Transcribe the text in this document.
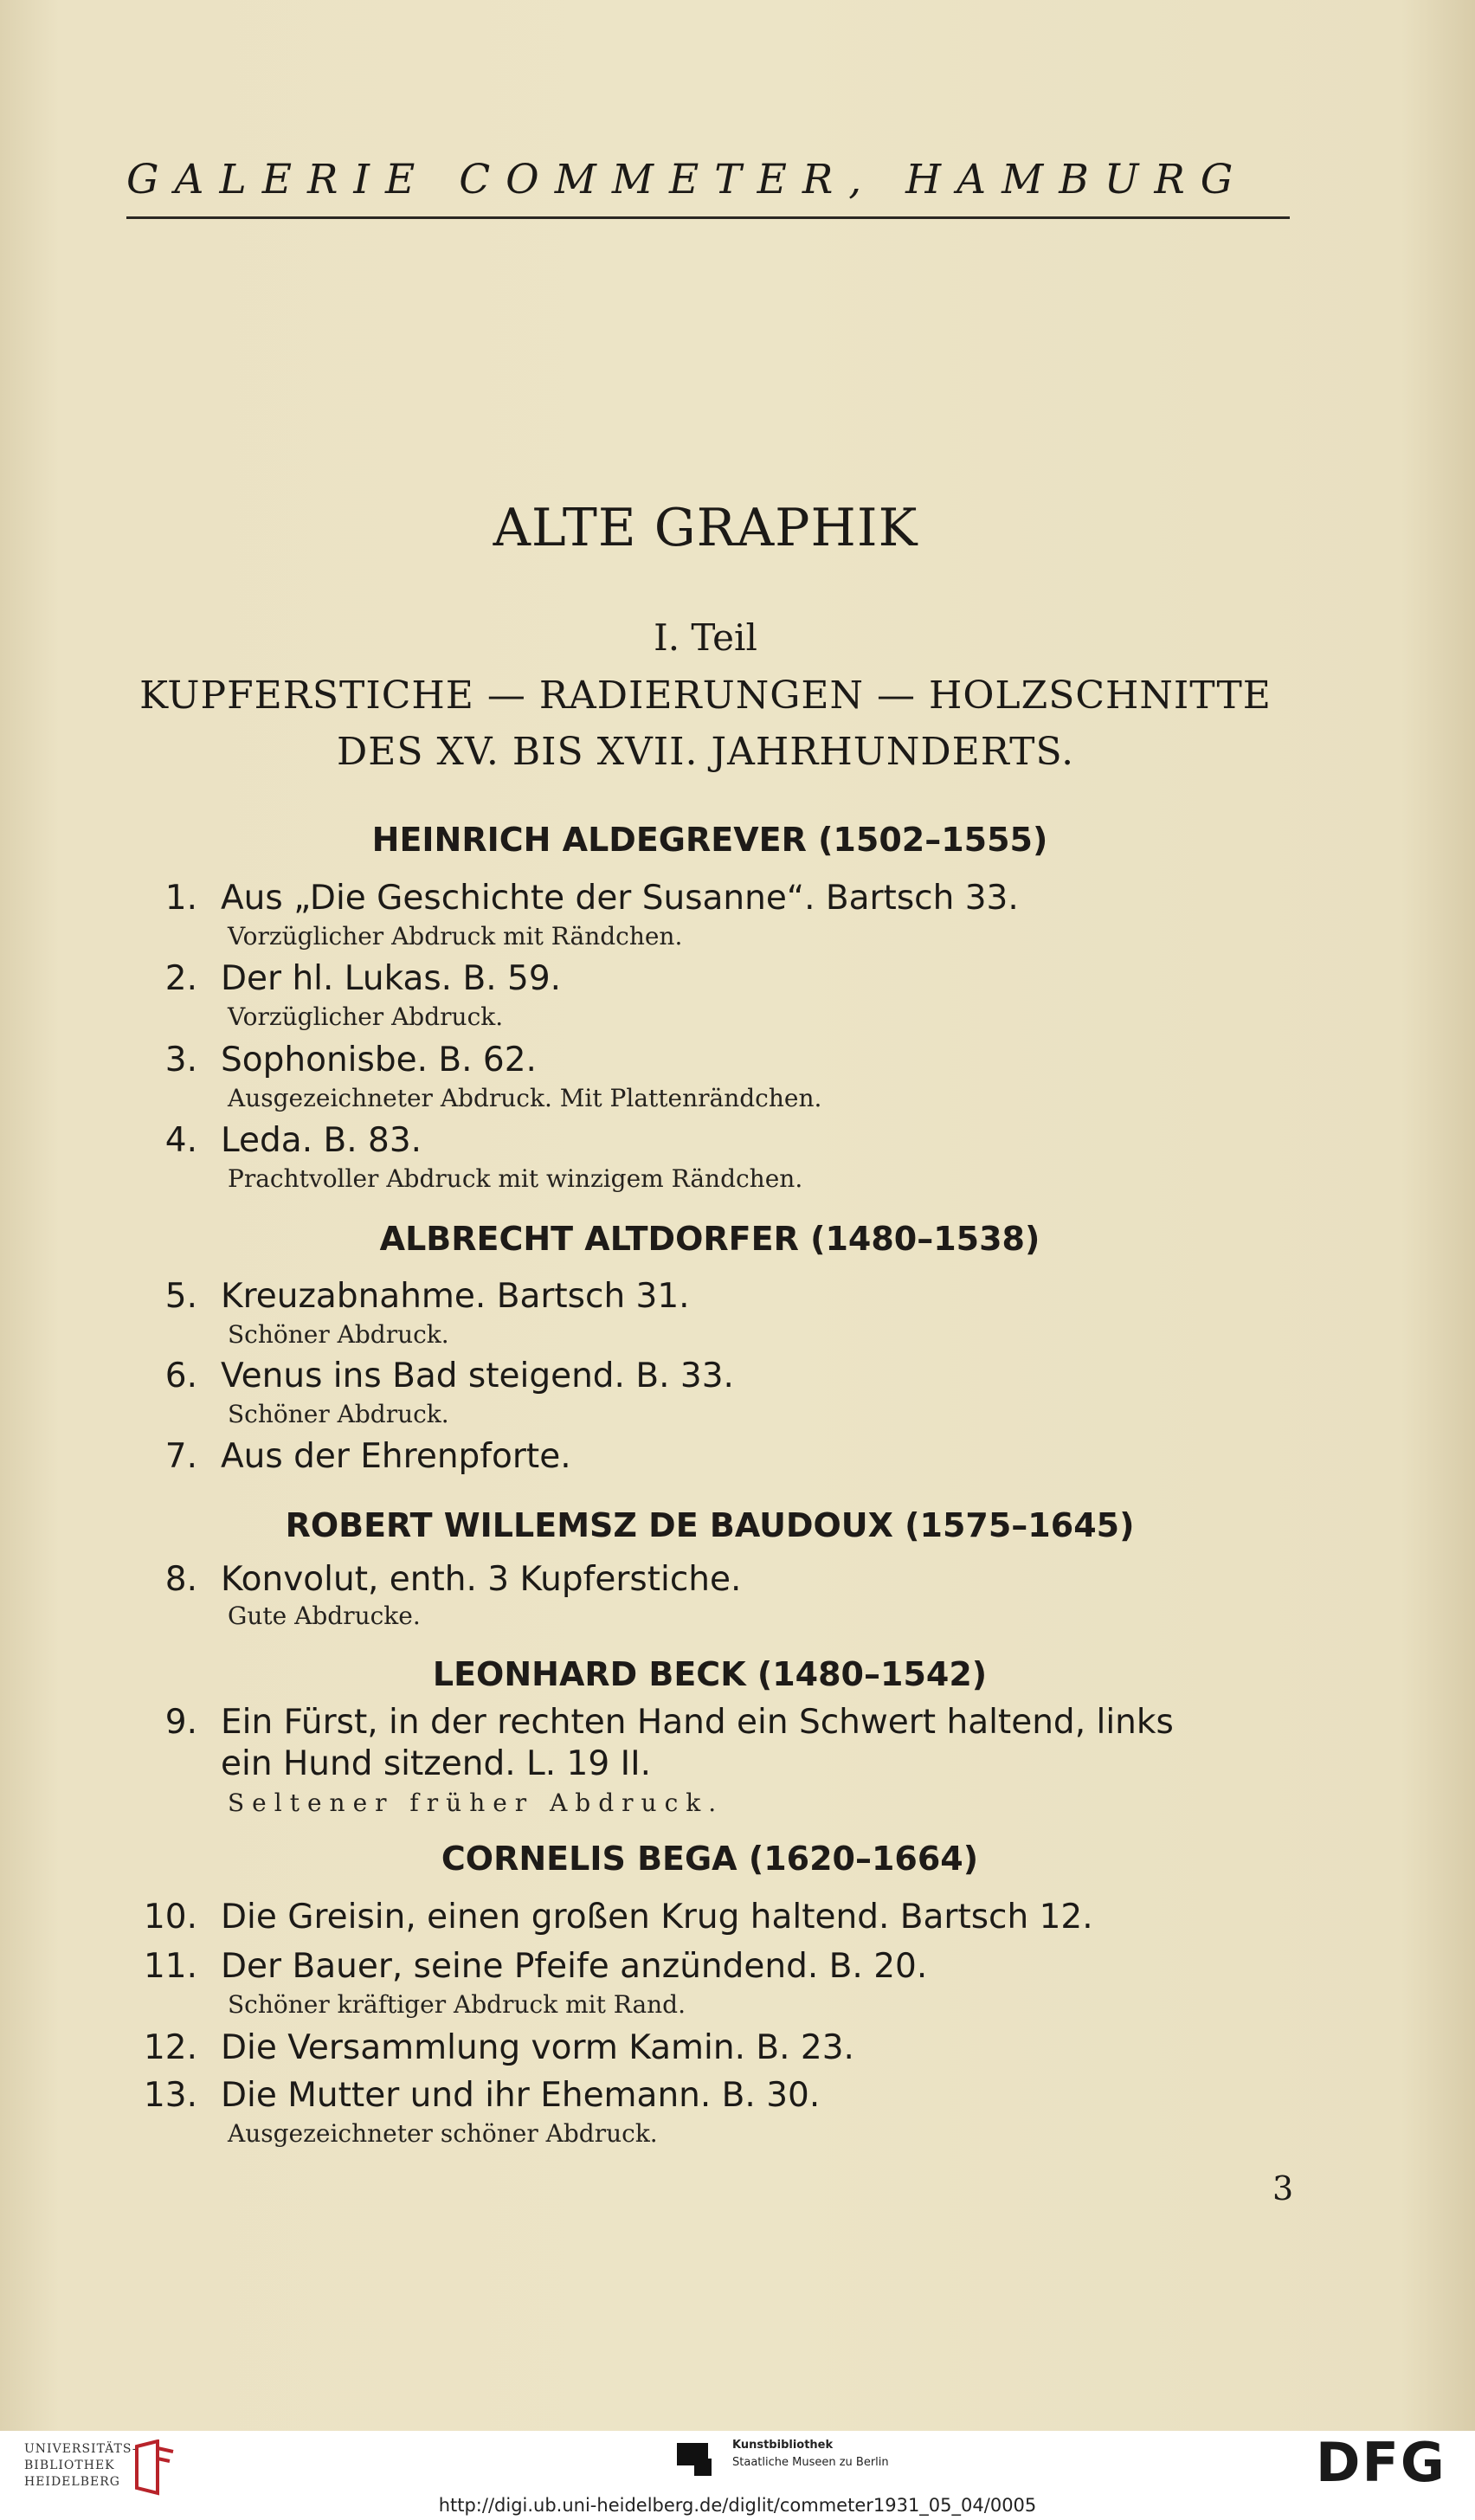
GALERIE COMMETER, HAMBURG
ALTE GRAPHIK
I. Teil
KUPFERSTICHE — RADIERUNGEN — HOLZSCHNITTE
DES XV. BIS XVII. JAHRHUNDERTS.
HEINRICH ALDEGREVER (1502–1555)
ALBRECHT ALTDORFER (1480–1538)
ROBERT WILLEMSZ DE BAUDOUX (1575–1645)
LEONHARD BECK (1480–1542)
CORNELIS BEGA (1620–1664)
1. Aus „Die Geschichte der Susanne“. Bartsch 33.
Vorzüglicher Abdruck mit Rändchen.
2. Der hl. Lukas. B. 59.
Vorzüglicher Abdruck.
3. Sophonisbe. B. 62.
Ausgezeichneter Abdruck. Mit Plattenrändchen.
4. Leda. B. 83.
Prachtvoller Abdruck mit winzigem Rändchen.
5. Kreuzabnahme. Bartsch 31.
Schöner Abdruck.
6. Venus ins Bad steigend. B. 33.
Schöner Abdruck.
7. Aus der Ehrenpforte.
8. Konvolut, enth. 3 Kupferstiche.
Gute Abdrucke.
9. Ein Fürst, in der rechten Hand ein Schwert haltend, links
ein Hund sitzend. L. 19 II.
Seltener früher Abdruck.
10. Die Greisin, einen großen Krug haltend. Bartsch 12.
11. Der Bauer, seine Pfeife anzündend. B. 20.
Schöner kräftiger Abdruck mit Rand.
12. Die Versammlung vorm Kamin. B. 23.
13. Die Mutter und ihr Ehemann. B. 30.
Ausgezeichneter schöner Abdruck.
3
UNIVERSITÄTS-
BIBLIOTHEK
HEIDELBERG
Kunstbibliothek
Staatliche Museen zu Berlin	DFG
http://digi.ub.uni-heidelberg.de/diglit/commeter1931_05_04/0005
